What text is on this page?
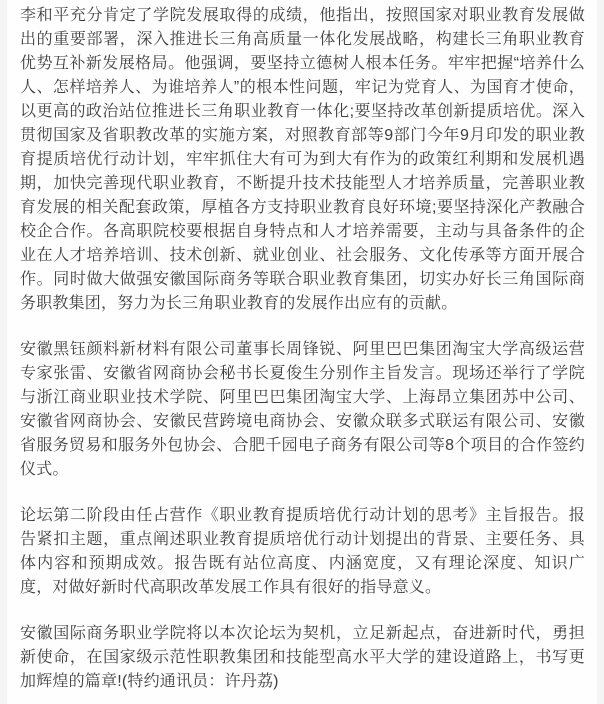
李和平充分肯定了学院发展取得的成绩，他指出，按照国家对职业教育发展做出的重要部署，深入推进长三角高质量一体化发展战略，构建长三角职业教育优势互补新发展格局。他强调，要坚持立德树人根本任务。牢牢把握“培养什么人、怎样培养人、为谁培养人”的根本性问题，牢记为党育人、为国育才使命，以更高的政治站位推进长三角职业教育一体化;要坚持改革创新提质培优。深入贯彻国家及省职教改革的实施方案，对照教育部等9部门今年9月印发的职业教育提质培优行动计划，牢牢抓住大有可为到大有作为的政策红利期和发展机遇期，加快完善现代职业教育，不断提升技术技能型人才培养质量，完善职业教育发展的相关配套政策，厚植各方支持职业教育良好环境;要坚持深化产教融合校企合作。各高职院校要根据自身特点和人才培养需要，主动与具备条件的企业在人才培养培训、技术创新、就业创业、社会服务、文化传承等方面开展合作。同时做大做强安徽国际商务等联合职业教育集团，切实办好长三角国际商务职教集团，努力为长三角职业教育的发展作出应有的贡献。

安徽黑钰颜料新材料有限公司董事长周锋锐、阿里巴巴集团淘宝大学高级运营专家张雷、安徽省网商协会秘书长夏俊生分别作主旨发言。现场还举行了学院与浙江商业职业技术学院、阿里巴巴集团淘宝大学、上海昂立集团苏中公司、安徽省网商协会、安徽民营跨境电商协会、安徽众联多式联运有限公司、安徽省服务贸易和服务外包协会、合肥千园电子商务有限公司等8个项目的合作签约仪式。

论坛第二阶段由任占营作《职业教育提质培优行动计划的思考》主旨报告。报告紧扣主题，重点阐述职业教育提质培优行动计划提出的背景、主要任务、具体内容和预期成效。报告既有站位高度、内涵宽度，又有理论深度、知识广度，对做好新时代高职改革发展工作具有很好的指导意义。

安徽国际商务职业学院将以本次论坛为契机，立足新起点，奋进新时代，勇担新使命，在国家级示范性职教集团和技能型高水平大学的建设道路上，书写更加辉煌的篇章!(特约通讯员：许丹荔)
